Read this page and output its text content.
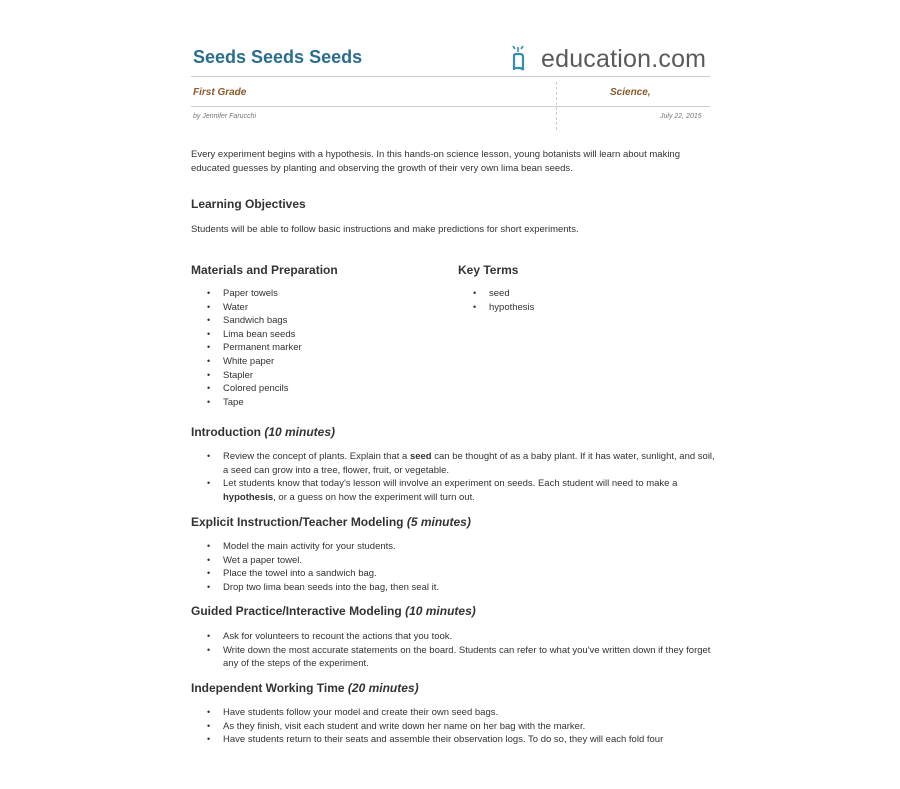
Seeds Seeds Seeds	education.com
First Grade	Science,
by Jennifer Farucchi	July 22, 2015

Every experiment begins with a hypothesis. In this hands-on science lesson, young botanists will learn about making educated guesses by planting and observing the growth of their very own lima bean seeds.

Learning Objectives

Students will be able to follow basic instructions and make predictions for short experiments.

Materials and Preparation
• Paper towels
• Water
• Sandwich bags
• Lima bean seeds
• Permanent marker
• White paper
• Stapler
• Colored pencils
• Tape
Key Terms
• seed
• hypothesis
Introduction (10 minutes)
• Review the concept of plants. Explain that a seed can be thought of as a baby plant. If it has water, sunlight, and soil, a seed can grow into a tree, flower, fruit, or vegetable.
• Let students know that today's lesson will involve an experiment on seeds. Each student will need to make a hypothesis, or a guess on how the experiment will turn out.
Explicit Instruction/Teacher Modeling (5 minutes)
• Model the main activity for your students.
• Wet a paper towel.
• Place the towel into a sandwich bag.
• Drop two lima bean seeds into the bag, then seal it.
Guided Practice/Interactive Modeling (10 minutes)
• Ask for volunteers to recount the actions that you took.
• Write down the most accurate statements on the board. Students can refer to what you've written down if they forget any of the steps of the experiment.
Independent Working Time (20 minutes)
• Have students follow your model and create their own seed bags.
• As they finish, visit each student and write down her name on her bag with the marker.
• Have students return to their seats and assemble their observation logs. To do so, they will each fold four
